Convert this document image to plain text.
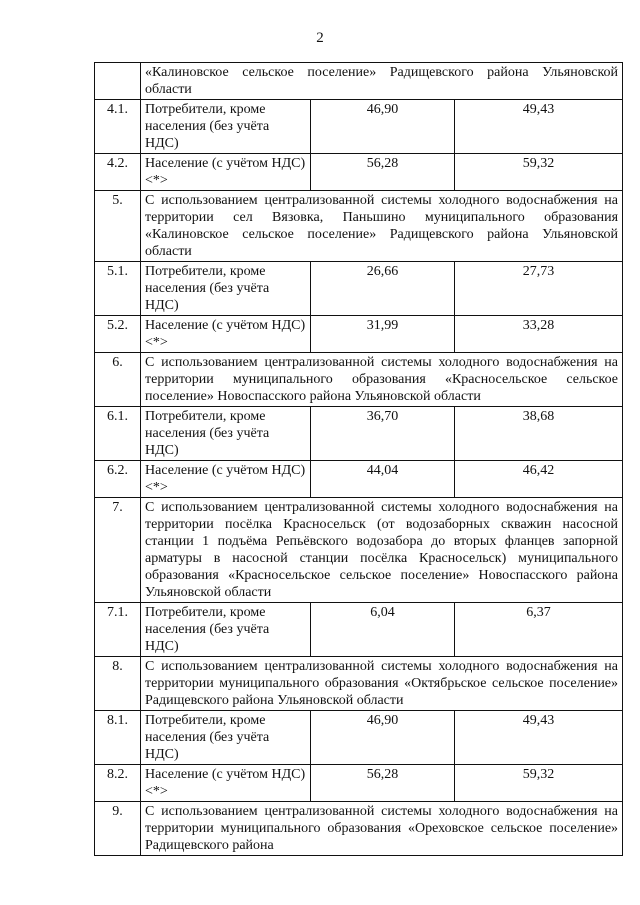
2
	«Калиновское сельское поселение» Радищевского района Ульяновской области		
4.1.	Потребители, кроме населения (без учёта НДС)	46,90	49,43
4.2.	Население (с учётом НДС) <*>	56,28	59,32
5.	С использованием централизованной системы холодного водоснабжения на территории сел Вязовка, Паньшино муниципального образования «Калиновское сельское поселение» Радищевского района Ульяновской области		
5.1.	Потребители, кроме населения (без учёта НДС)	26,66	27,73
5.2.	Население (с учётом НДС) <*>	31,99	33,28
6.	С использованием централизованной системы холодного водоснабжения на территории муниципального образования «Красносельское сельское поселение» Новоспасского района Ульяновской области		
6.1.	Потребители, кроме населения (без учёта НДС)	36,70	38,68
6.2.	Население (с учётом НДС) <*>	44,04	46,42
7.	С использованием централизованной системы холодного водоснабжения на территории посёлка Красносельск (от водозаборных скважин насосной станции 1 подъёма Репьёвского водозабора до вторых фланцев запорной арматуры в насосной станции посёлка Красносельск) муниципального образования «Красносельское сельское поселение» Новоспасского района Ульяновской области		
7.1.	Потребители, кроме населения (без учёта НДС)	6,04	6,37
8.	С использованием централизованной системы холодного водоснабжения на территории муниципального образования «Октябрьское сельское поселение» Радищевского района Ульяновской области		
8.1.	Потребители, кроме населения (без учёта НДС)	46,90	49,43
8.2.	Население (с учётом НДС) <*>	56,28	59,32
9.	С использованием централизованной системы холодного водоснабжения на территории муниципального образования «Ореховское сельское поселение» Радищевского района		
